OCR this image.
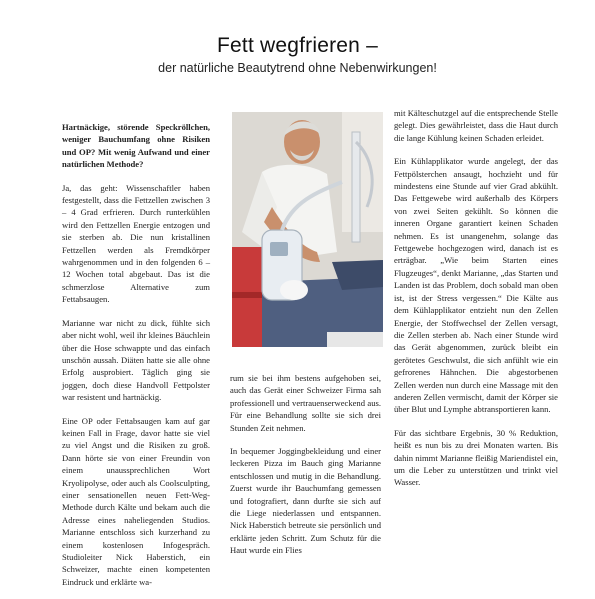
Fett wegfrieren –
der natürliche Beautytrend ohne Nebenwirkungen!

Hartnäckige, störende Speckröllchen, weniger Bauchumfang ohne Risiken und OP? Mit wenig Aufwand und einer natürlichen Methode?

Ja, das geht: Wissenschaftler haben festgestellt, dass die Fettzellen zwischen 3 – 4 Grad erfrieren. Durch runterkühlen wird den Fettzellen Energie entzogen und sie sterben ab. Die nun kristallinen Fettzellen werden als Fremdkörper wahrgenommen und in den folgenden 6 – 12 Wochen total abgebaut. Das ist die schmerzlose Alternative zum Fettabsaugen.

Marianne war nicht zu dick, fühlte sich aber nicht wohl, weil ihr kleines Bäuchlein über die Hose schwappte und das einfach unschön aussah. Diäten hatte sie alle ohne Erfolg ausprobiert. Täglich ging sie joggen, doch diese Handvoll Fettpolster war resistent und hartnäckig.

Eine OP oder Fettabsaugen kam auf gar keinen Fall in Frage, davor hatte sie viel zu viel Angst und die Risiken zu groß. Dann hörte sie von einer Freundin von einem unaussprechlichen Wort Kryolipolyse, oder auch als Coolsculpting, einer sensationellen neuen Fett-Weg-Methode durch Kälte und bekam auch die Adresse eines naheliegenden Studios. Marianne entschloss sich kurzerhand zu einem kostenlosen Infogespräch. Studioleiter Nick Haberstich, ein Schweizer, machte einen kompetenten Eindruck und erklärte wa-

rum sie bei ihm bestens aufgehoben sei, auch das Gerät einer Schweizer Firma sah professionell und vertrauenserweckend aus. Für eine Behandlung sollte sie sich drei Stunden Zeit nehmen.

In bequemer Joggingbekleidung und einer leckeren Pizza im Bauch ging Marianne entschlossen und mutig in die Behandlung. Zuerst wurde ihr Bauchumfang gemessen und fotografiert, dann durfte sie sich auf die Liege niederlassen und entspannen. Nick Haberstich betreute sie persönlich und erklärte jeden Schritt. Zum Schutz für die Haut wurde ein Flies

mit Kälteschutzgel auf die entsprechende Stelle gelegt. Dies gewährleistet, dass die Haut durch die lange Kühlung keinen Schaden erleidet.

Ein Kühlapplikator wurde angelegt, der das Fettpölsterchen ansaugt, hochzieht und für mindestens eine Stunde auf vier Grad abkühlt. Das Fettgewebe wird außerhalb des Körpers von zwei Seiten gekühlt. So können die inneren Organe garantiert keinen Schaden nehmen. Es ist unangenehm, solange das Fettgewebe hochgezogen wird, danach ist es erträgbar. „Wie beim Starten eines Flugzeuges“, denkt Marianne, „das Starten und Landen ist das Problem, doch sobald man oben ist, ist der Stress vergessen.“ Die Kälte aus dem Kühlapplikator entzieht nun den Zellen Energie, der Stoffwechsel der Zellen versagt, die Zellen sterben ab. Nach einer Stunde wird das Gerät abgenommen, zurück bleibt ein gerötetes Geschwulst, die sich anfühlt wie ein gefrorenes Hähnchen. Die abgestorbenen Zellen werden nun durch eine Massage mit den anderen Zellen vermischt, damit der Körper sie über Blut und Lymphe abtransportieren kann.

Für das sichtbare Ergebnis, 30 % Reduktion, heißt es nun bis zu drei Monaten warten. Bis dahin nimmt Marianne fleißig Mariendistel ein, um die Leber zu unterstützen und trinkt viel Wasser.
